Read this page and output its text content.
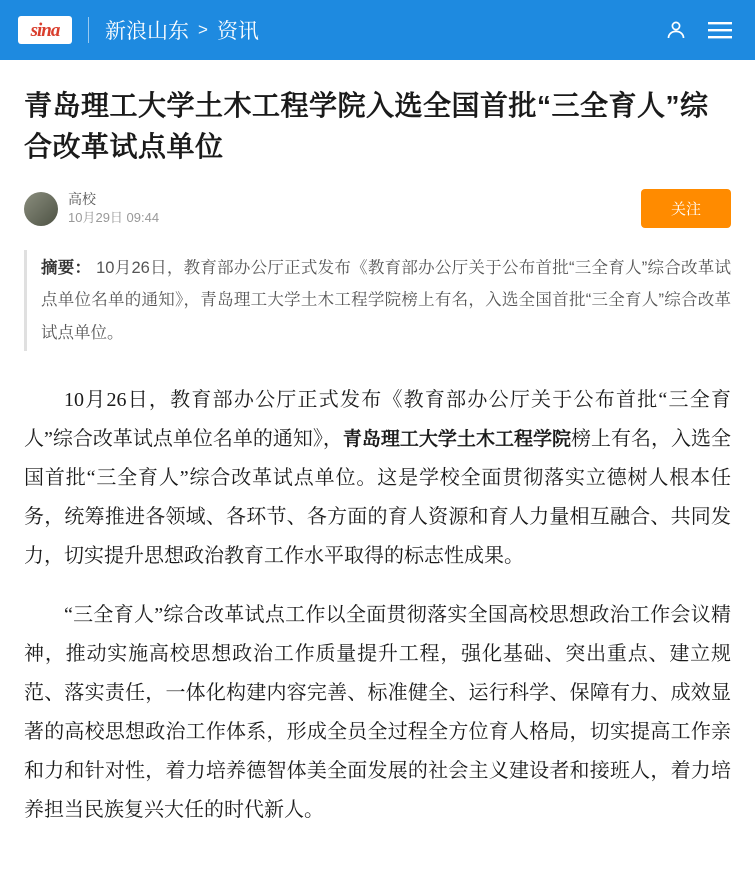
sina 新浪山东 > 资讯
青岛理工大学土木工程学院入选全国首批“三全育人”综合改革试点单位
高校
10月29日 09:44	关注

摘要： 10月26日，教育部办公厅正式发布《教育部办公厅关于公布首批“三全育人”综合改革试点单位名单的通知》，青岛理工大学土木工程学院榜上有名，入选全国首批“三全育人”综合改革试点单位。

10月26日，教育部办公厅正式发布《教育部办公厅关于公布首批“三全育人”综合改革试点单位名单的通知》，青岛理工大学土木工程学院榜上有名，入选全国首批“三全育人”综合改革试点单位。这是学校全面贯彻落实立德树人根本任务，统筹推进各领域、各环节、各方面的育人资源和育人力量相互融合、共同发力，切实提升思想政治教育工作水平取得的标志性成果。

“三全育人”综合改革试点工作以全面贯彻落实全国高校思想政治工作会议精神，推动实施高校思想政治工作质量提升工程，强化基础、突出重点、建立规范、落实责任，一体化构建内容完善、标准健全、运行科学、保障有力、成效显著的高校思想政治工作体系，形成全员全过程全方位育人格局，切实提高工作亲和力和针对性，着力培养德智体美全面发展的社会主义建设者和接班人，着力培养担当民族复兴大任的时代新人。
